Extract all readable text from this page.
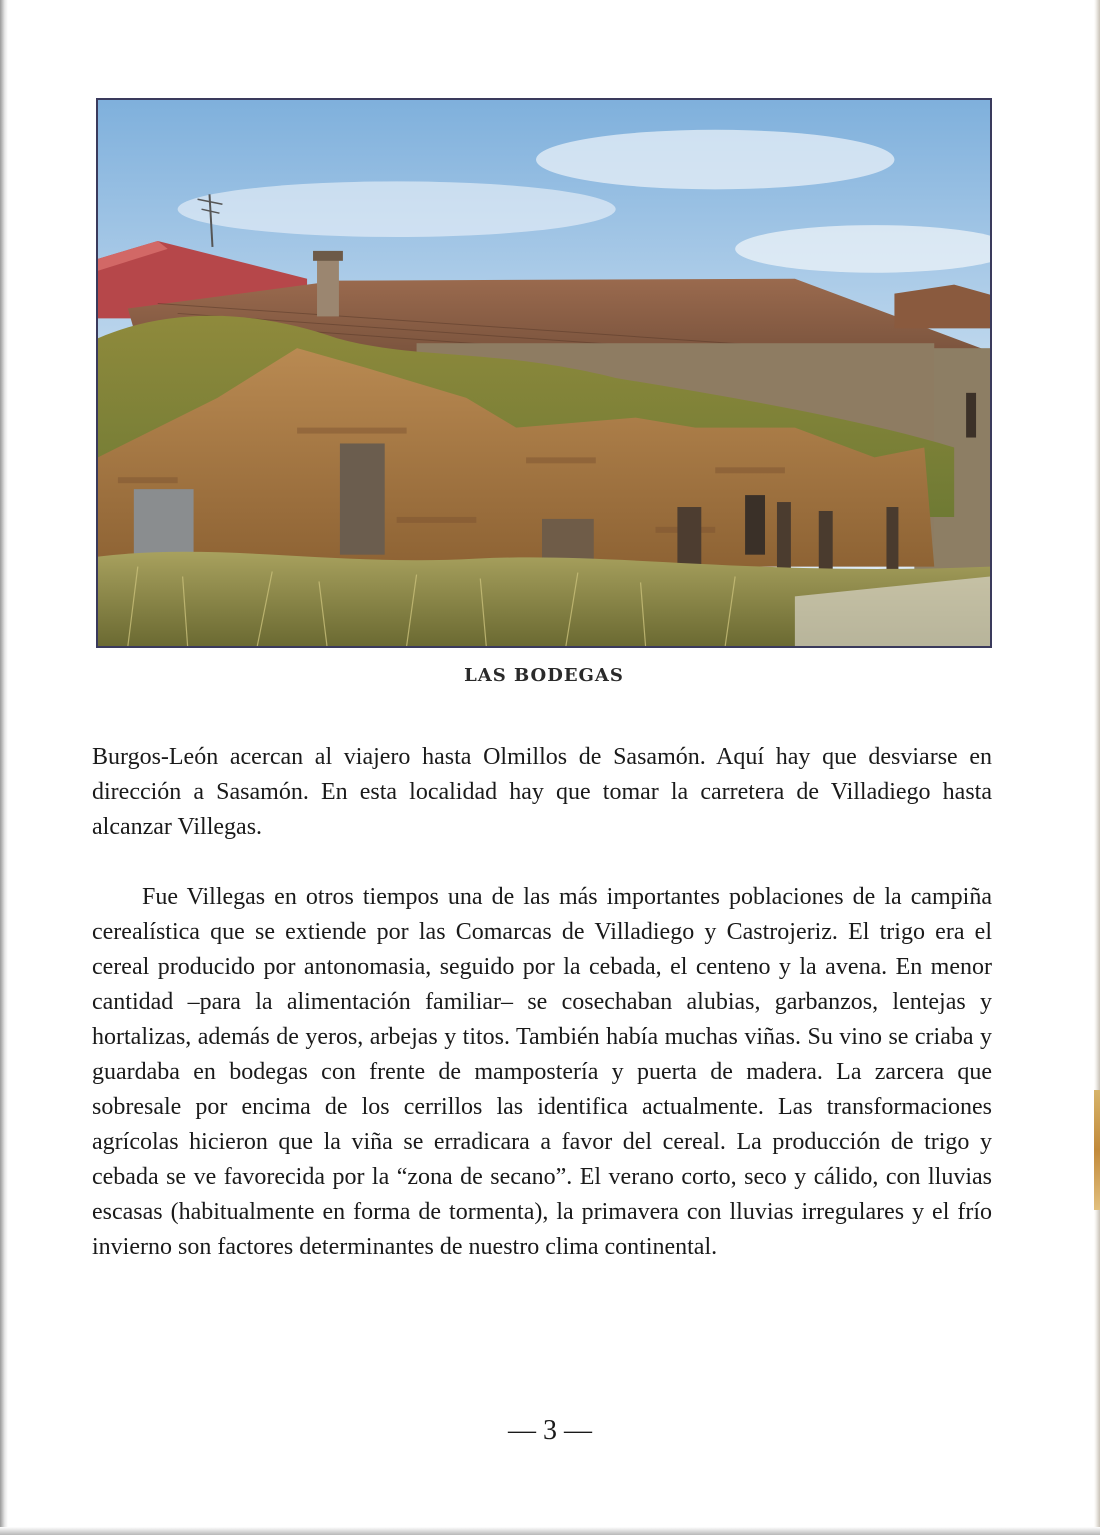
LAS BODEGAS
Burgos-León acercan al viajero hasta Olmillos de Sasamón. Aquí hay que desviarse en dirección a Sasamón. En esta localidad hay que tomar la carretera de Villadiego hasta alcanzar Villegas.
Fue Villegas en otros tiempos una de las más importantes poblaciones de la campiña cerealística que se extiende por las Comarcas de Villadiego y Castrojeriz. El trigo era el cereal producido por antonomasia, seguido por la cebada, el centeno y la avena. En menor cantidad –para la alimentación familiar– se cosechaban alubias, garbanzos, lentejas y hortalizas, además de yeros, arbejas y titos. También había muchas viñas. Su vino se criaba y guardaba en bodegas con frente de mampostería y puerta de madera. La zarcera que sobresale por encima de los cerrillos las identifica actualmente. Las transformaciones agrícolas hicieron que la viña se erradicara a favor del cereal. La producción de trigo y cebada se ve favorecida por la “zona de secano”. El verano corto, seco y cálido, con lluvias escasas (habitualmente en forma de tormenta), la primavera con lluvias irregulares y el frío invierno son factores determinantes de nuestro clima continental.
— 3 —
